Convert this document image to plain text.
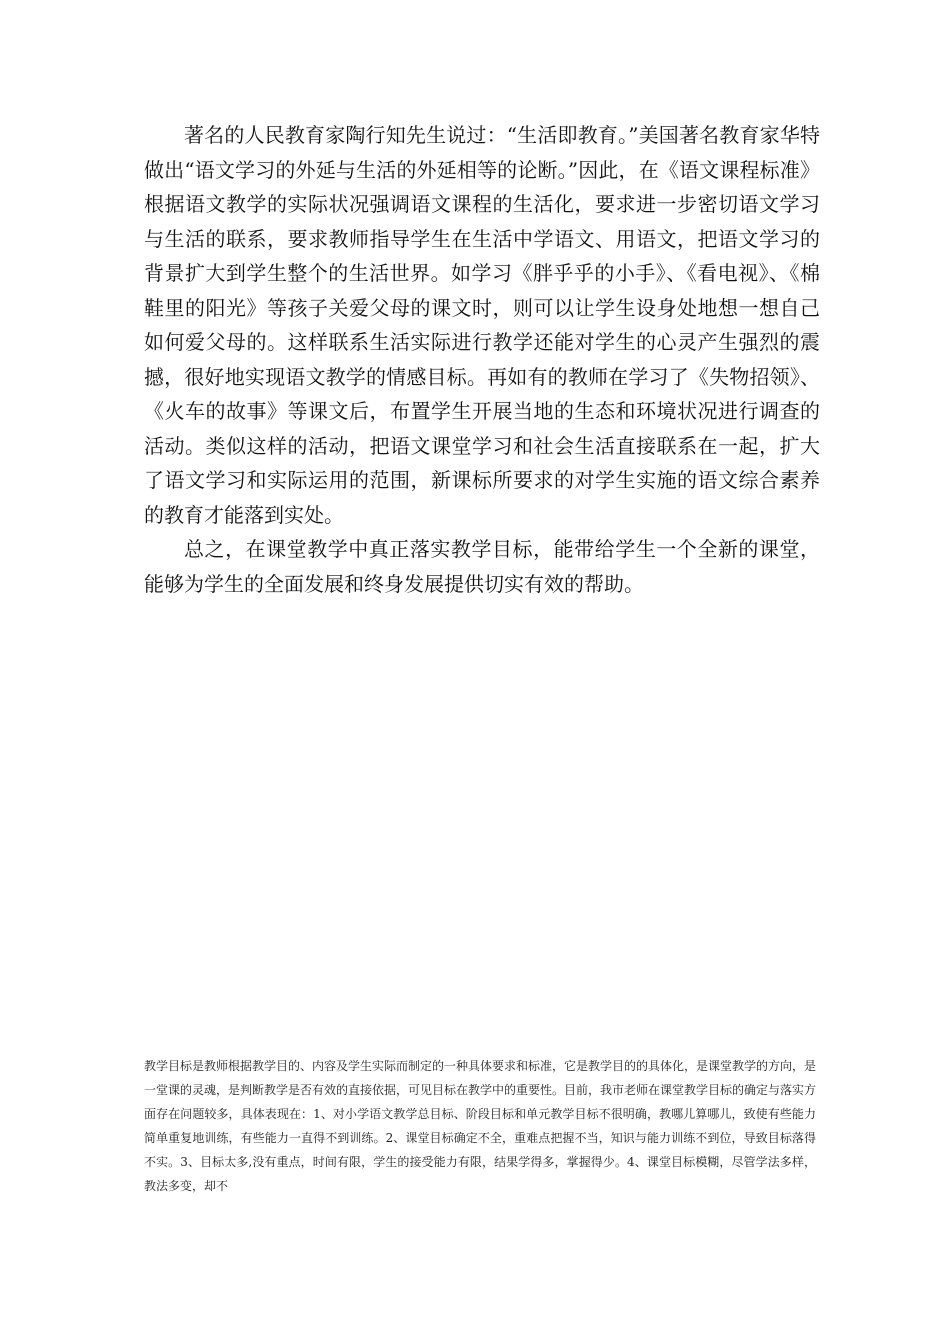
著名的人民教育家陶行知先生说过：“生活即教育。”美国著名教育家华特做出“语文学习的外延与生活的外延相等的论断。”因此，在《语文课程标准》根据语文教学的实际状况强调语文课程的生活化，要求进一步密切语文学习与生活的联系，要求教师指导学生在生活中学语文、用语文，把语文学习的背景扩大到学生整个的生活世界。如学习《胖乎乎的小手》、《看电视》、《棉鞋里的阳光》等孩子关爱父母的课文时，则可以让学生设身处地想一想自己如何爱父母的。这样联系生活实际进行教学还能对学生的心灵产生强烈的震撼，很好地实现语文教学的情感目标。再如有的教师在学习了《失物招领》、《火车的故事》等课文后，布置学生开展当地的生态和环境状况进行调查的活动。类似这样的活动，把语文课堂学习和社会生活直接联系在一起，扩大了语文学习和实际运用的范围，新课标所要求的对学生实施的语文综合素养的教育才能落到实处。

总之，在课堂教学中真正落实教学目标，能带给学生一个全新的课堂，能够为学生的全面发展和终身发展提供切实有效的帮助。

教学目标是教师根据教学目的、内容及学生实际而制定的一种具体要求和标准，它是教学目的的具体化，是课堂教学的方向，是一堂课的灵魂，是判断教学是否有效的直接依据，可见目标在教学中的重要性。目前，我市老师在课堂教学目标的确定与落实方面存在问题较多，具体表现在：1、对小学语文教学总目标、阶段目标和单元教学目标不很明确，教哪儿算哪儿，致使有些能力简单重复地训练，有些能力一直得不到训练。2、课堂目标确定不全，重难点把握不当，知识与能力训练不到位，导致目标落得不实。3、目标太多,没有重点，时间有限，学生的接受能力有限，结果学得多，掌握得少。4、课堂目标模糊，尽管学法多样，教法多变，却不
